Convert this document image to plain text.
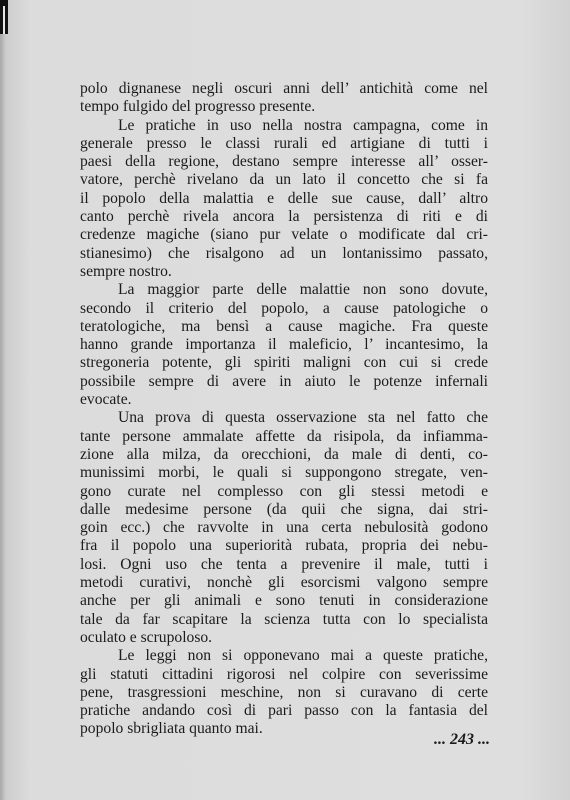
polo dignanese negli oscuri anni dell’ antichità come nel
tempo fulgido del progresso presente.
Le pratiche in uso nella nostra campagna, come in
generale presso le classi rurali ed artigiane di tutti i
paesi della regione, destano sempre interesse all’ osser-
vatore, perchè rivelano da un lato il concetto che si fa
il popolo della malattia e delle sue cause, dall’ altro
canto perchè rivela ancora la persistenza di riti e di
credenze magiche (siano pur velate o modificate dal cri-
stianesimo) che risalgono ad un lontanissimo passato,
sempre nostro.
La maggior parte delle malattie non sono dovute,
secondo il criterio del popolo, a cause patologiche o
teratologiche, ma bensì a cause magiche. Fra queste
hanno grande importanza il maleficio, l’ incantesimo, la
stregoneria potente, gli spiriti maligni con cui si crede
possibile sempre di avere in aiuto le potenze infernali
evocate.
Una prova di questa osservazione sta nel fatto che
tante persone ammalate affette da risipola, da infiamma-
zione alla milza, da orecchioni, da male di denti, co-
munissimi morbi, le quali si suppongono stregate, ven-
gono curate nel complesso con gli stessi metodi e
dalle medesime persone (da quii che signa, dai stri-
goin ecc.) che ravvolte in una certa nebulosità godono
fra il popolo una superiorità rubata, propria dei nebu-
losi. Ogni uso che tenta a prevenire il male, tutti i
metodi curativi, nonchè gli esorcismi valgono sempre
anche per gli animali e sono tenuti in considerazione
tale da far scapitare la scienza tutta con lo specialista
oculato e scrupoloso.
Le leggi non si opponevano mai a queste pratiche,
gli statuti cittadini rigorosi nel colpire con severissime
pene, trasgressioni meschine, non si curavano di certe
pratiche andando così di pari passo con la fantasia del
popolo sbrigliata quanto mai.
... 243 ...
